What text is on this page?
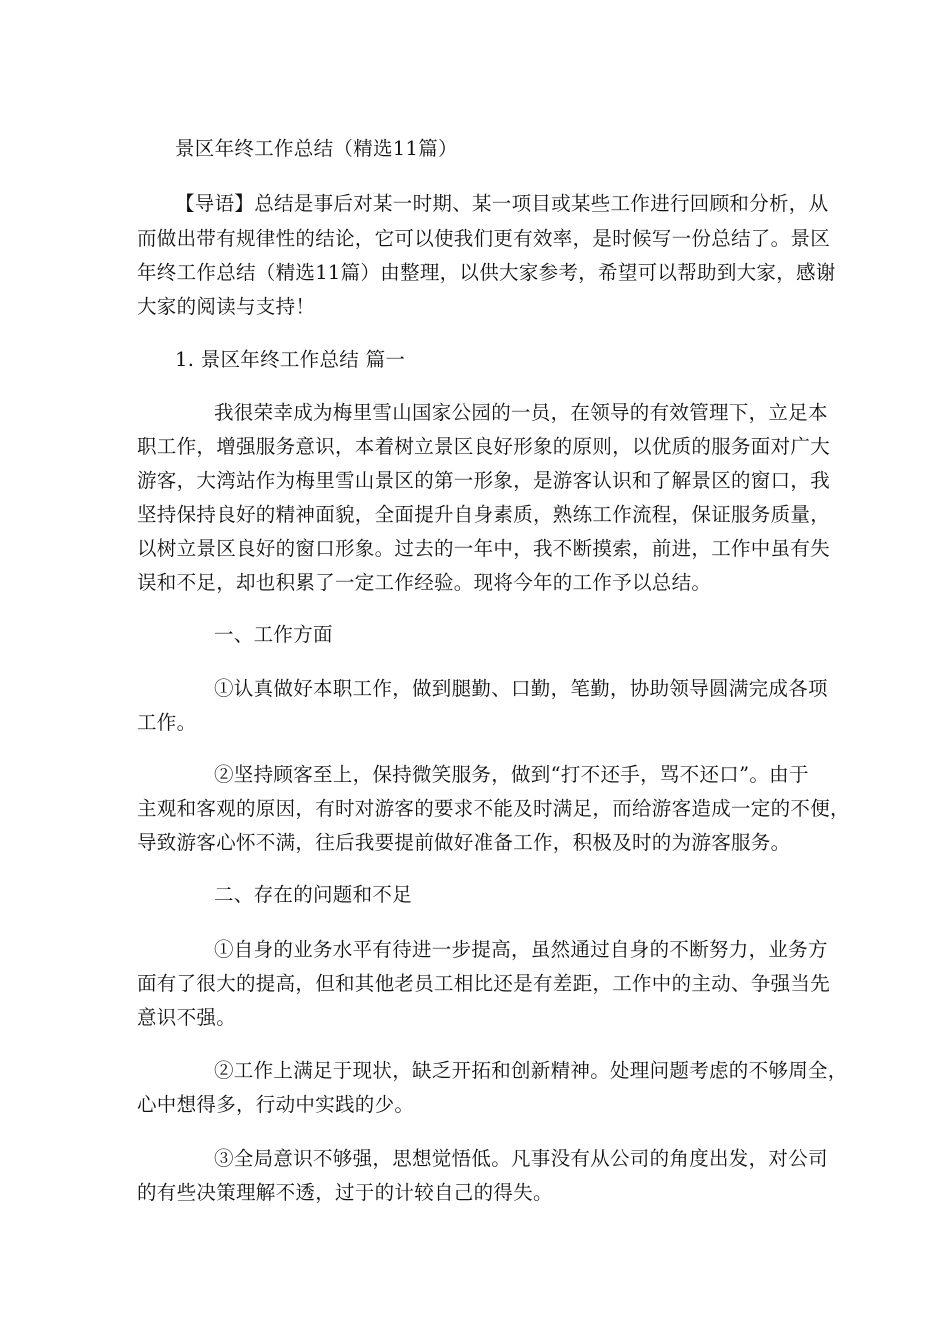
景区年终工作总结（精选11篇）
【导语】总结是事后对某一时期、某一项目或某些工作进行回顾和分析，从
而做出带有规律性的结论，它可以使我们更有效率，是时候写一份总结了。景区
年终工作总结（精选11篇）由整理，以供大家参考，希望可以帮助到大家，感谢
大家的阅读与支持！
1. 景区年终工作总结 篇一
我很荣幸成为梅里雪山国家公园的一员，在领导的有效管理下，立足本
职工作，增强服务意识，本着树立景区良好形象的原则，以优质的服务面对广大
游客，大湾站作为梅里雪山景区的第一形象，是游客认识和了解景区的窗口，我
坚持保持良好的精神面貌，全面提升自身素质，熟练工作流程，保证服务质量，
以树立景区良好的窗口形象。过去的一年中，我不断摸索，前进，工作中虽有失
误和不足，却也积累了一定工作经验。现将今年的工作予以总结。
一、工作方面
①认真做好本职工作，做到腿勤、口勤，笔勤，协助领导圆满完成各项
工作。
②坚持顾客至上，保持微笑服务，做到“打不还手，骂不还口”。由于
主观和客观的原因，有时对游客的要求不能及时满足，而给游客造成一定的不便，
导致游客心怀不满，往后我要提前做好准备工作，积极及时的为游客服务。
二、存在的问题和不足
①自身的业务水平有待进一步提高，虽然通过自身的不断努力，业务方
面有了很大的提高，但和其他老员工相比还是有差距，工作中的主动、争强当先
意识不强。
②工作上满足于现状，缺乏开拓和创新精神。处理问题考虑的不够周全，
心中想得多，行动中实践的少。
③全局意识不够强，思想觉悟低。凡事没有从公司的角度出发，对公司
的有些决策理解不透，过于的计较自己的得失。
